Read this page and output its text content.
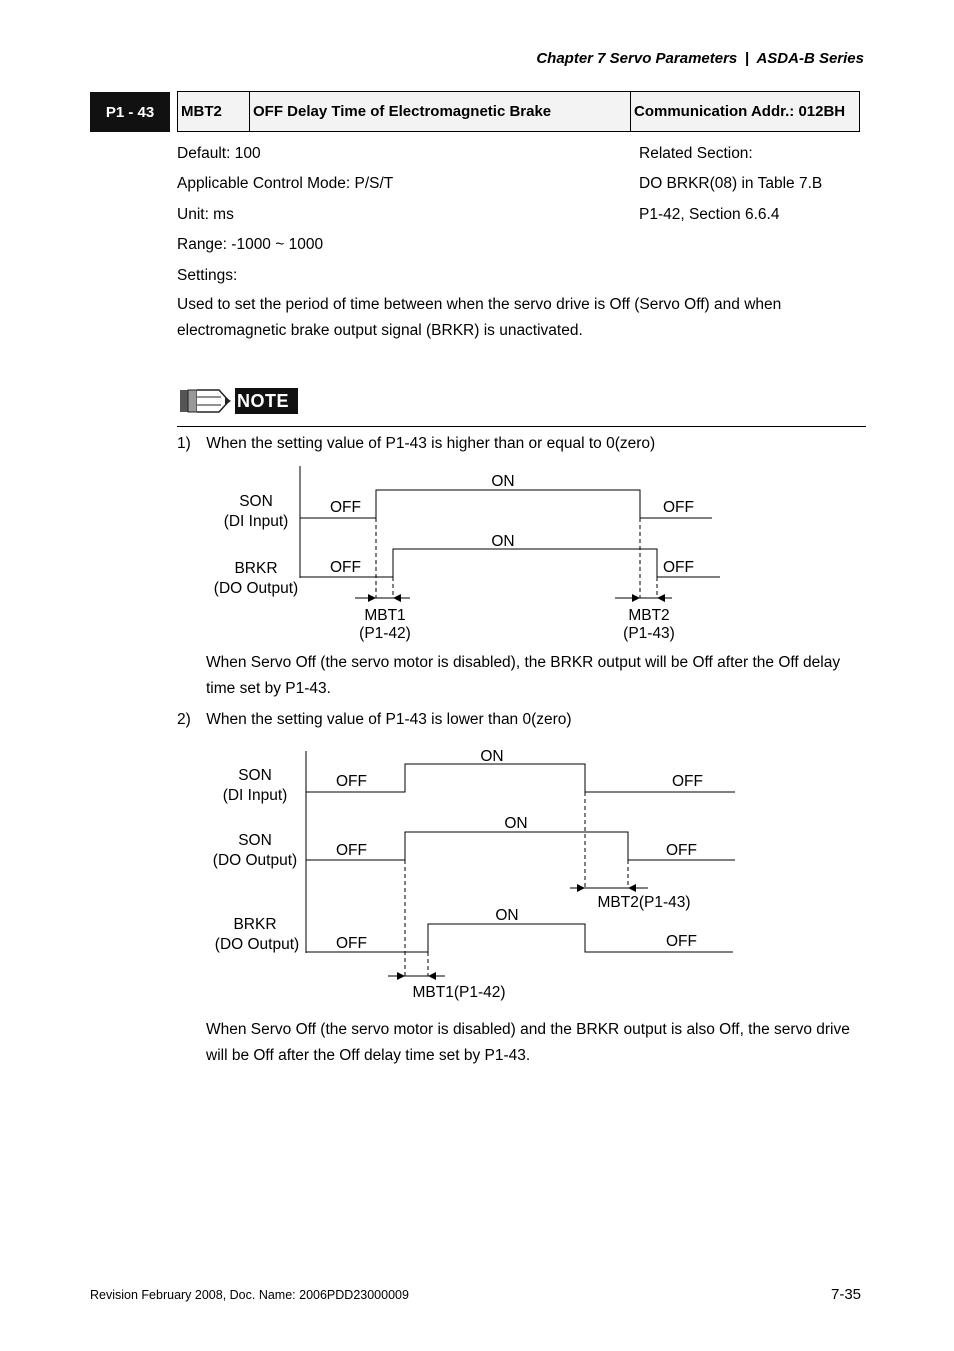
Chapter 7 Servo Parameters | ASDA-B Series
P1 - 43	MBT2	OFF Delay Time of Electromagnetic Brake	Communication Addr.: 012BH
Default: 100
Applicable Control Mode: P/S/T
Unit: ms
Range: -1000 ~ 1000
Settings:
Related Section:
DO BRKR(08) in Table 7.B
P1-42, Section 6.6.4
Used to set the period of time between when the servo drive is Off (Servo Off) and when electromagnetic brake output signal (BRKR) is unactivated.
NOTE
1) When the setting value of P1-43 is higher than or equal to 0(zero)
SON
(DI Input)
BRKR
(DO Output)
OFF	OFF
ON
OFF	OFF
ON
MBT1
(P1-42)
MBT2
(P1-43)
When Servo Off (the servo motor is disabled), the BRKR output will be Off after the Off delay time set by P1-43.
2) When the setting value of P1-43 is lower than 0(zero)
SON
(DI Input)
SON
(DO Output)
BRKR
(DO Output)
OFF	OFF
ON
OFF	OFF
ON
OFF	OFF
ON
MBT2(P1-43)
MBT1(P1-42)
When Servo Off (the servo motor is disabled) and the BRKR output is also Off, the servo drive will be Off after the Off delay time set by P1-43.
Revision February 2008, Doc. Name: 2006PDD23000009	7-35
